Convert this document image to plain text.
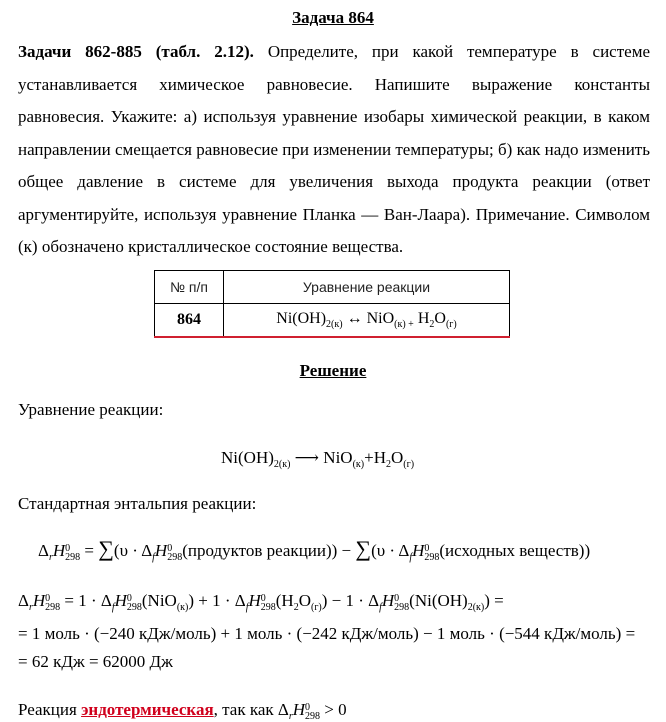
Задача 864
Задачи 862-885 (табл. 2.12). Определите, при какой температуре в системе устанавливается химическое равновесие. Напишите выражение константы равновесия. Укажите: а) используя уравнение изобары химической реакции, в каком направлении смещается равновесие при изменении температуры; б) как надо изменить общее давление в системе для увеличения выхода продукта реакции (ответ аргументируйте, используя уравнение Планка — Ван-Лаара). Примечание. Символом (к) обозначено кристаллическое состояние вещества.
№ п/п	Уравнение реакции
864	$Ni(OH)_{2(к)}$ ↔ NiO$_{(к) +}$ $H_2O_{(г)}$
Решение
Уравнение реакции:
$Ni(OH)_{2(к)}$ ⟶ $NiO_{(к)}+H_2O_{(г)}$
Стандартная энтальпия реакции:
$\Delta_rH0$
$298 = \sum(\upsilon \cdot \Delta_fH0$
298(продуктов реакции)) − $\sum(\upsilon \cdot \Delta_fH0$
298(исходных веществ))
$\Delta_rH0$
$298 = 1 \cdot \Delta_fH0$
$298(NiO_{(к)}) + 1 \cdot \Delta_fH0$
$298(H_2O_{(г)}) - 1 \cdot \Delta_fH0$
$298(Ni(OH)_{2(к)})$ =
= 1 моль · (−240 кДж/моль) + 1 моль · (−242 кДж/моль) − 1 моль · (−544 кДж/моль) =
= 62 кДж = 62000 Дж
Реакция эндотермическая, так как $\Delta_rH0$
298 > 0
